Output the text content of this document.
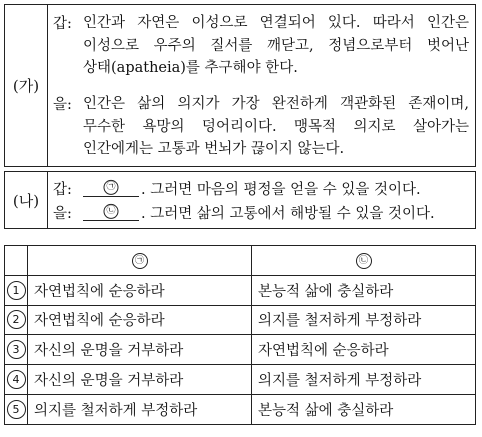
(가)
갑: 인간과 자연은 이성으로 연결되어 있다. 따라서 인간은
이성으로 우주의 질서를 깨닫고, 정념으로부터 벗어난
상태(apatheia)를 추구해야 한다.
을: 인간은 삶의 의지가 가장 완전하게 객관화된 존재이며,
무수한 욕망의 덩어리이다. 맹목적 의지로 살아가는
인간에게는 고통과 번뇌가 끊이지 않는다.
(나)
갑:	㉠ . 그러면 마음의 평정을 얻을 수 있을 것이다.
을:	㉡ . 그러면 삶의 고통에서 해방될 수 있을 것이다.
	㉠	㉡
1	자연법칙에 순응하라	본능적 삶에 충실하라
2	자연법칙에 순응하라	의지를 철저하게 부정하라
3	자신의 운명을 거부하라	자연법칙에 순응하라
4	자신의 운명을 거부하라	의지를 철저하게 부정하라
5	의지를 철저하게 부정하라	본능적 삶에 충실하라
